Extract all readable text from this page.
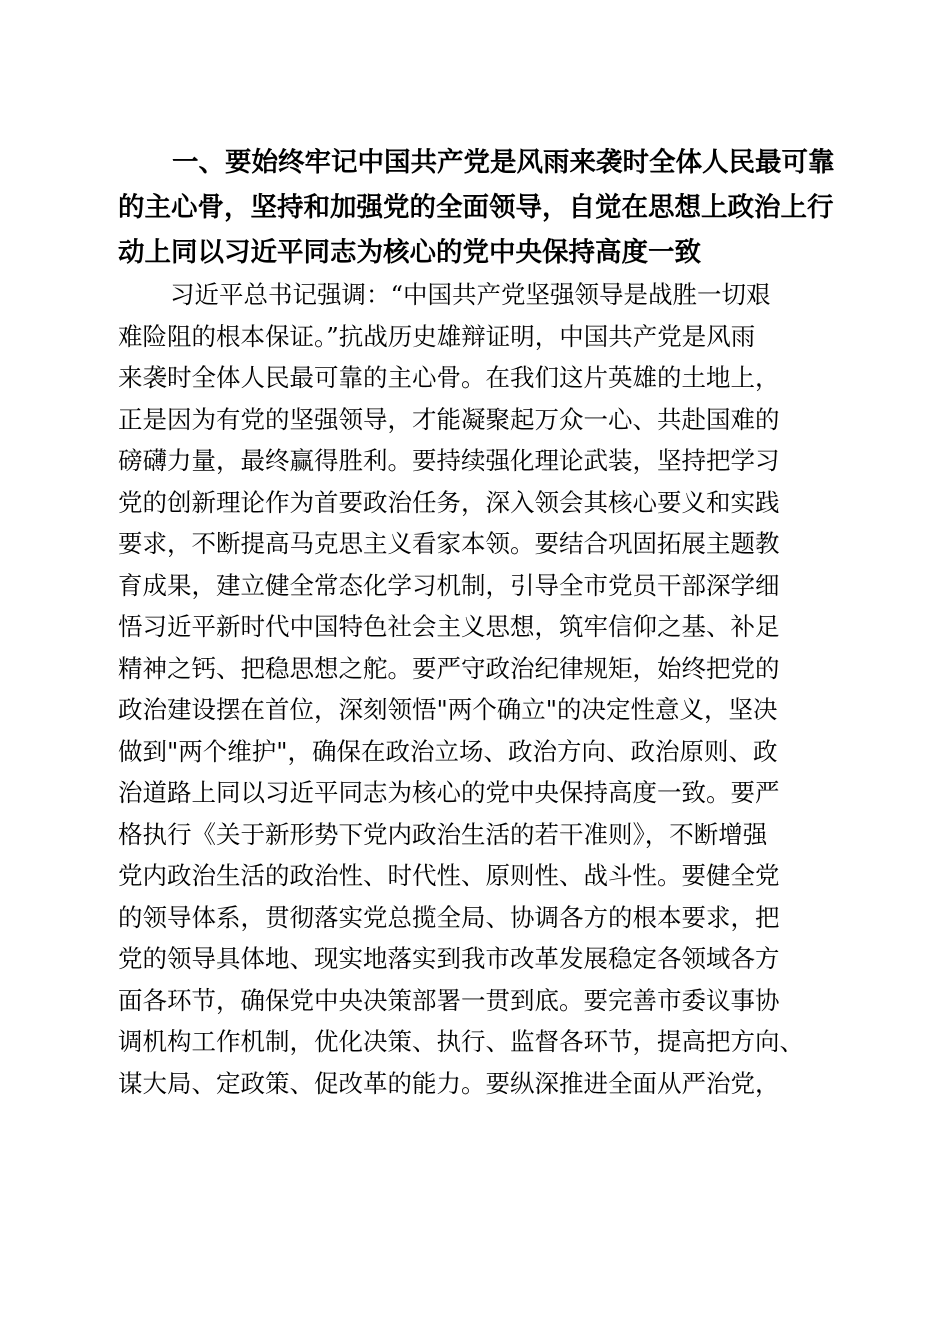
一、要始终牢记中国共产党是风雨来袭时全体人民最可靠
的主心骨，坚持和加强党的全面领导，自觉在思想上政治上行
动上同以习近平同志为核心的党中央保持高度一致
习近平总书记强调：“中国共产党坚强领导是战胜一切艰
难险阻的根本保证。”抗战历史雄辩证明，中国共产党是风雨
来袭时全体人民最可靠的主心骨。在我们这片英雄的土地上，
正是因为有党的坚强领导，才能凝聚起万众一心、共赴国难的
磅礴力量，最终赢得胜利。要持续强化理论武装，坚持把学习
党的创新理论作为首要政治任务，深入领会其核心要义和实践
要求，不断提高马克思主义看家本领。要结合巩固拓展主题教
育成果，建立健全常态化学习机制，引导全市党员干部深学细
悟习近平新时代中国特色社会主义思想，筑牢信仰之基、补足
精神之钙、把稳思想之舵。要严守政治纪律规矩，始终把党的
政治建设摆在首位，深刻领悟"两个确立"的决定性意义，坚决
做到"两个维护"，确保在政治立场、政治方向、政治原则、政
治道路上同以习近平同志为核心的党中央保持高度一致。要严
格执行《关于新形势下党内政治生活的若干准则》，不断增强
党内政治生活的政治性、时代性、原则性、战斗性。要健全党
的领导体系，贯彻落实党总揽全局、协调各方的根本要求，把
党的领导具体地、现实地落实到我市改革发展稳定各领域各方
面各环节，确保党中央决策部署一贯到底。要完善市委议事协
调机构工作机制，优化决策、执行、监督各环节，提高把方向、
谋大局、定政策、促改革的能力。要纵深推进全面从严治党，
